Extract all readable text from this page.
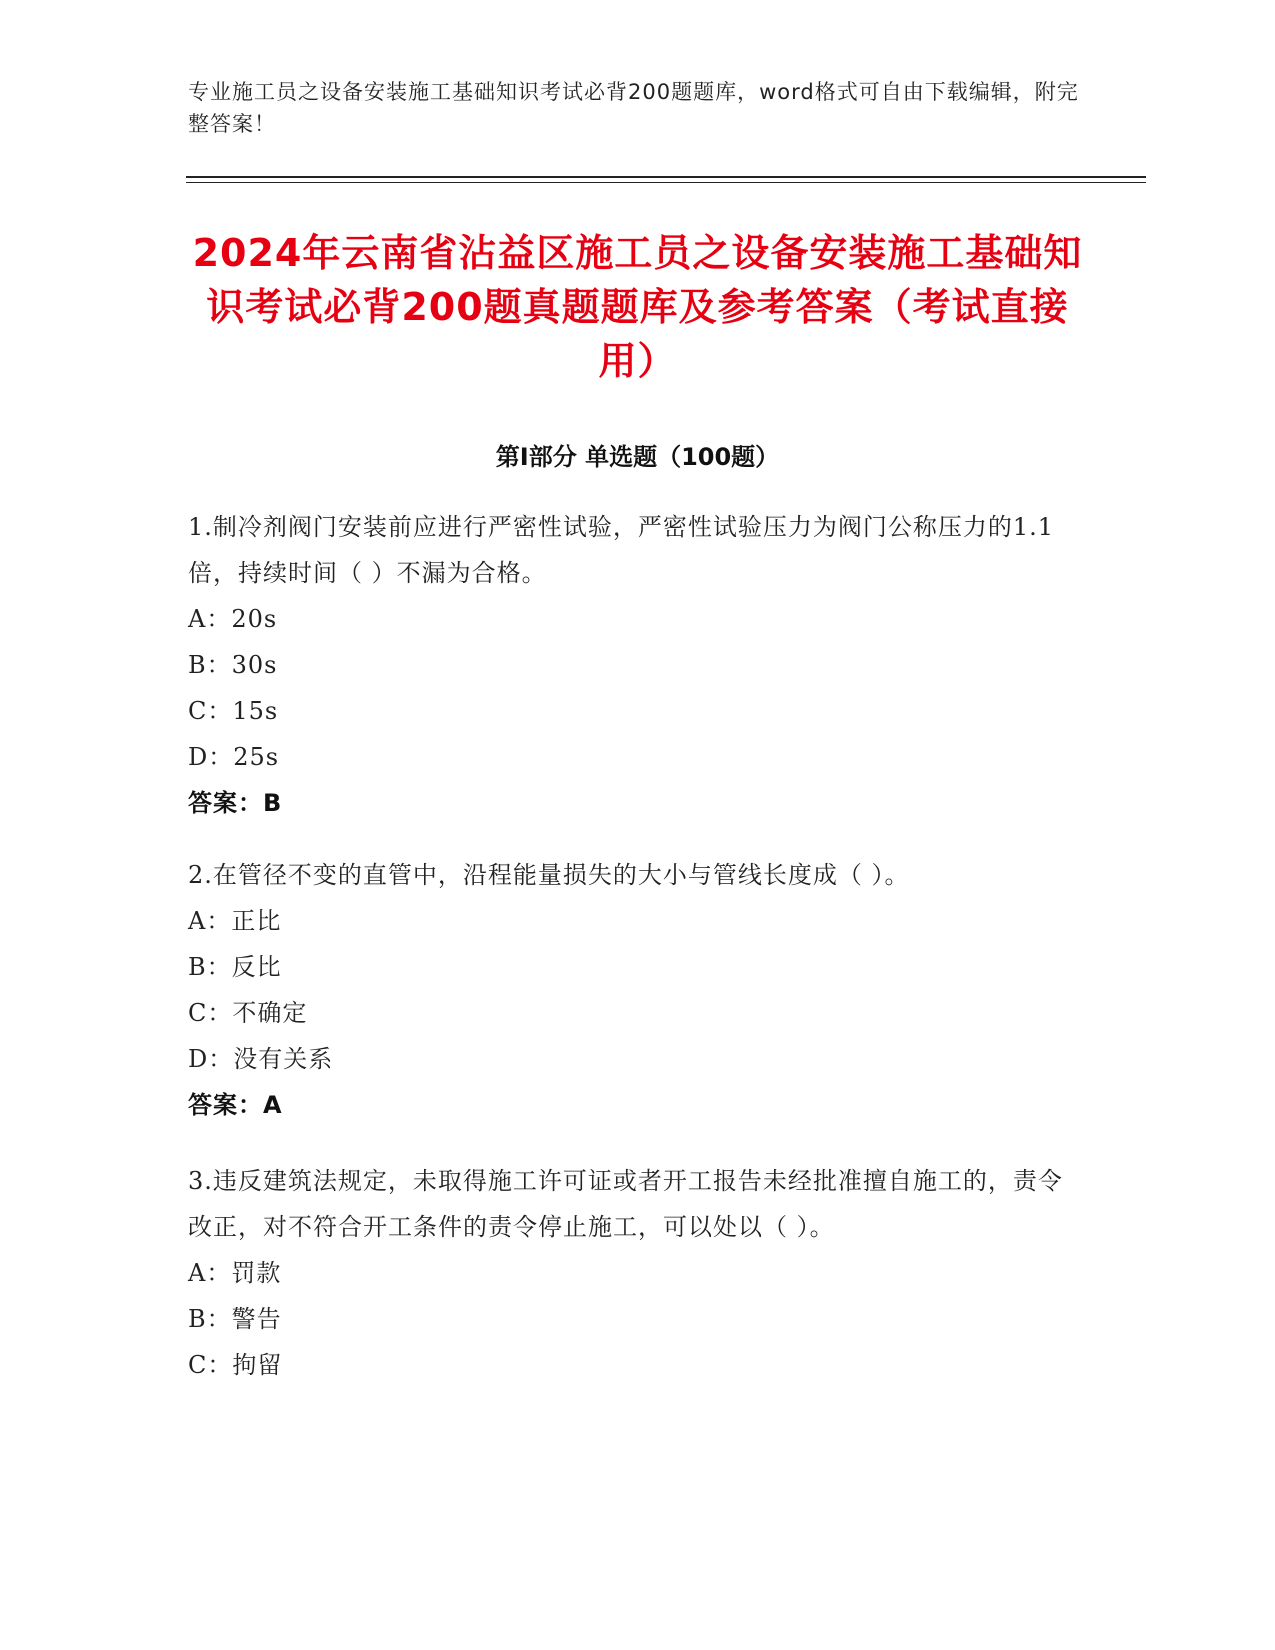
专业施工员之设备安装施工基础知识考试必背200题题库，word格式可自由下载编辑，附完整答案！
2024年云南省沾益区施工员之设备安装施工基础知识考试必背200题真题题库及参考答案（考试直接用）
第I部分 单选题（100题）
1.制冷剂阀门安装前应进行严密性试验，严密性试验压力为阀门公称压力的1.1倍，持续时间（ ）不漏为合格。
A：20s
B：30s
C：15s
D：25s
答案：B
2.在管径不变的直管中，沿程能量损失的大小与管线长度成（ ）。
A：正比
B：反比
C：不确定
D：没有关系
答案：A
3.违反建筑法规定，未取得施工许可证或者开工报告未经批准擅自施工的，责令改正，对不符合开工条件的责令停止施工，可以处以（ ）。
A：罚款
B：警告
C：拘留
